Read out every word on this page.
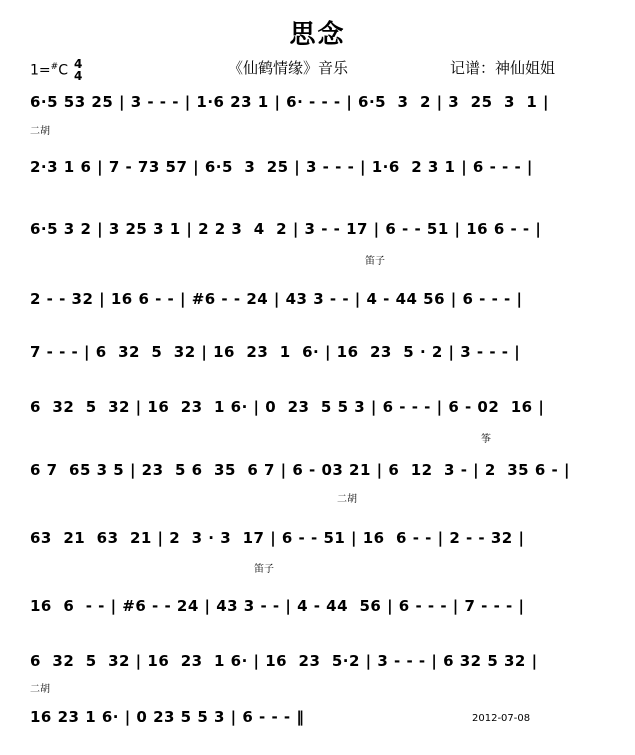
思念
1=#C 4
4	《仙鹤情缘》音乐	记谱：神仙姐姐
6·5 53 25 | 3 - - - | 1·6 23 1 | 6· - - - | 6·5  3  2 | 3  25  3  1 |
2·3 1 6 | 7 - 73 57 | 6·5  3  25 | 3 - - - | 1·6  2 3 1 | 6 - - - |
6·5 3 2 | 3 25 3 1 | 2 2 3  4  2 | 3 - - 17 | 6 - - 51 | 16 6 - - |
2 - - 32 | 16 6 - - | #6 - - 24 | 43 3 - - | 4 - 44 56 | 6 - - - |
7 - - - | 6  32  5  32 | 16  23  1  6· | 16  23  5 · 2 | 3 - - - |
6  32  5  32 | 16  23  1 6· | 0  23  5 5 3 | 6 - - - | 6 - 02  16 |
6 7  65 3 5 | 23  5 6  35  6 7 | 6 - 03 21 | 6  12  3 - | 2  35 6 - |
63  21  63  21 | 2  3 · 3  17 | 6 - - 51 | 16  6 - - | 2 - - 32 |
16  6  - - | #6 - - 24 | 43 3 - - | 4 - 44  56 | 6 - - - | 7 - - - |
6  32  5  32 | 16  23  1 6· | 16  23  5·2 | 3 - - - | 6 32 5 32 |
16 23 1 6· | 0 23 5 5 3 | 6 - - - ‖
二胡
笛子
筝
二胡
笛子
二胡
2012-07-08
